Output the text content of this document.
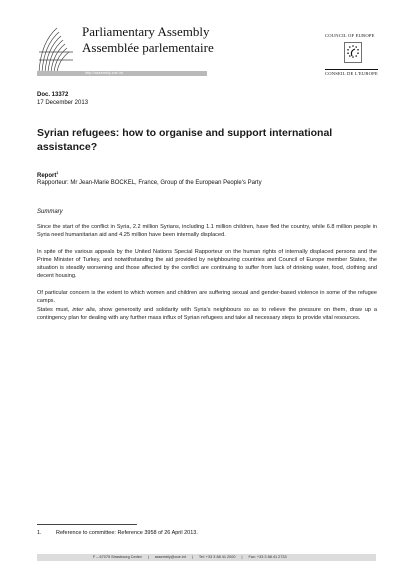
Parliamentary Assembly
Assemblée parlementaire
http://assembly.coe.int
COUNCIL OF EUROPE
CONSEIL DE L'EUROPE
Doc. 13372
17 December 2013
Syrian refugees: how to organise and support international assistance?
Report$^1$
Rapporteur: Mr Jean-Marie BOCKEL, France, Group of the European People's Party
Summary
Since the start of the conflict in Syria, 2.2 million Syrians, including 1.1 million children, have fled the country, while 6.8 million people in Syria need humanitarian aid and 4.25 million have been internally displaced.
In spite of the various appeals by the United Nations Special Rapporteur on the human rights of internally displaced persons and the Prime Minister of Turkey, and notwithstanding the aid provided by neighbouring countries and Council of Europe member States, the situation is steadily worsening and those affected by the conflict are continuing to suffer from lack of drinking water, food, clothing and decent housing.
Of particular concern is the extent to which women and children are suffering sexual and gender-based violence in some of the refugee camps.
States must, inter alia, show generosity and solidarity with Syria's neighbours so as to relieve the pressure on them, draw up a contingency plan for dealing with any further mass influx of Syrian refugees and take all necessary steps to provide vital resources.
1.	Reference to committee: Reference 3958 of 26 April 2013.
F – 67075 Strasbourg Cedex | assembly@coe.int | Tel: +33 3 88 41 2000 | Fax: +33 3 88 41 2733
